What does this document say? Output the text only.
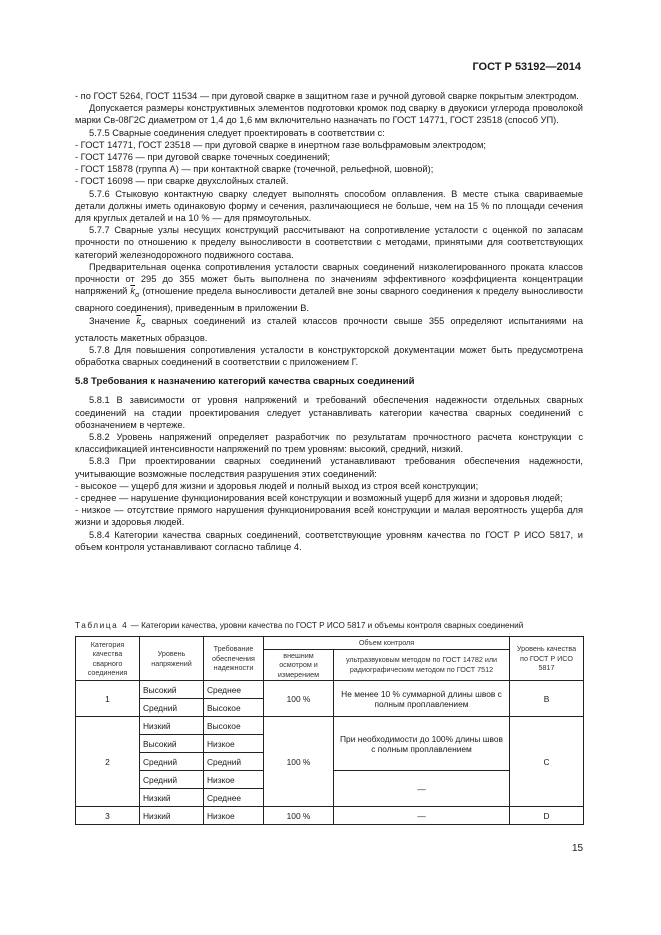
ГОСТ Р 53192—2014

- по ГОСТ 5264, ГОСТ 11534 — при дуговой сварке в защитном газе и ручной дуговой сварке покрытым электродом.

Допускается размеры конструктивных элементов подготовки кромок под сварку в двуокиси углерода проволокой марки Св-08Г2С диаметром от 1,4 до 1,6 мм включительно назначать по ГОСТ 14771, ГОСТ 23518 (способ УП).

5.7.5 Сварные соединения следует проектировать в соответствии с:

- ГОСТ 14771, ГОСТ 23518 — при дуговой сварке в инертном газе вольфрамовым электродом;

- ГОСТ 14776 — при дуговой сварке точечных соединений;

- ГОСТ 15878 (группа А) — при контактной сварке (точечной, рельефной, шовной);

- ГОСТ 16098 — при сварке двухслойных сталей.

5.7.6 Стыковую контактную сварку следует выполнять способом оплавления. В месте стыка свариваемые детали должны иметь одинаковую форму и сечения, различающиеся не больше, чем на 15 % по площади сечения для круглых деталей и на 10 % — для прямоугольных.

5.7.7 Сварные узлы несущих конструкций рассчитывают на сопротивление усталости с оценкой по запасам прочности по отношению к пределу выносливости в соответствии с методами, принятыми для соответствующих категорий железнодорожного подвижного состава.

Предварительная оценка сопротивления усталости сварных соединений низколегированного проката классов прочности от 295 до 355 может быть выполнена по значениям эффективного коэффициента концентрации напряжений $\overline{k}_\sigma$ (отношение предела выносливости деталей вне зоны сварного соединения к пределу выносливости сварного соединения), приведенным в приложении В.

Значение $\overline{k}_\sigma$ сварных соединений из сталей классов прочности свыше 355 определяют испытаниями на усталость макетных образцов.

5.7.8 Для повышения сопротивления усталости в конструкторской документации может быть предусмотрена обработка сварных соединений в соответствии с приложением Г.

5.8 Требования к назначению категорий качества сварных соединений

5.8.1 В зависимости от уровня напряжений и требований обеспечения надежности отдельных сварных соединений на стадии проектирования следует устанавливать категории качества сварных соединений с обозначением в чертеже.

5.8.2 Уровень напряжений определяет разработчик по результатам прочностного расчета конструкции с классификацией интенсивности напряжений по трем уровням: высокий, средний, низкий.

5.8.3 При проектировании сварных соединений устанавливают требования обеспечения надежности, учитывающие возможные последствия разрушения этих соединений:

- высокое — ущерб для жизни и здоровья людей и полный выход из строя всей конструкции;

- среднее — нарушение функционирования всей конструкции и возможный ущерб для жизни и здоровья людей;

- низкое — отсутствие прямого нарушения функционирования всей конструкции и малая вероятность ущерба для жизни и здоровья людей.

5.8.4 Категории качества сварных соединений, соответствующие уровням качества по ГОСТ Р ИСО 5817, и объем контроля устанавливают согласно таблице 4.

Таблица 4 — Категории качества, уровни качества по ГОСТ Р ИСО 5817 и объемы контроля сварных соединений
Категория качества сварного соединения	Уровень напряжений	Требование обеспечения надежности	Объем контроля		Уровень качества по ГОСТ Р ИСО 5817
			внешним осмотром и измерением	ультразвуковым методом по ГОСТ 14782 или радиографическим методом по ГОСТ 7512	
1	Высокий	Среднее	100 %	Не менее 10 % суммарной длины швов с полным проплавлением	B
	Средний	Высокое			
2	Низкий	Высокое	100 %	При необходимости до 100% длины швов с полным проплавлением	C
	Высокий	Низкое			
	Средний	Средний			
	Средний	Низкое		—	
	Низкий	Среднее			
3	Низкий	Низкое	100 %	—	D
15
